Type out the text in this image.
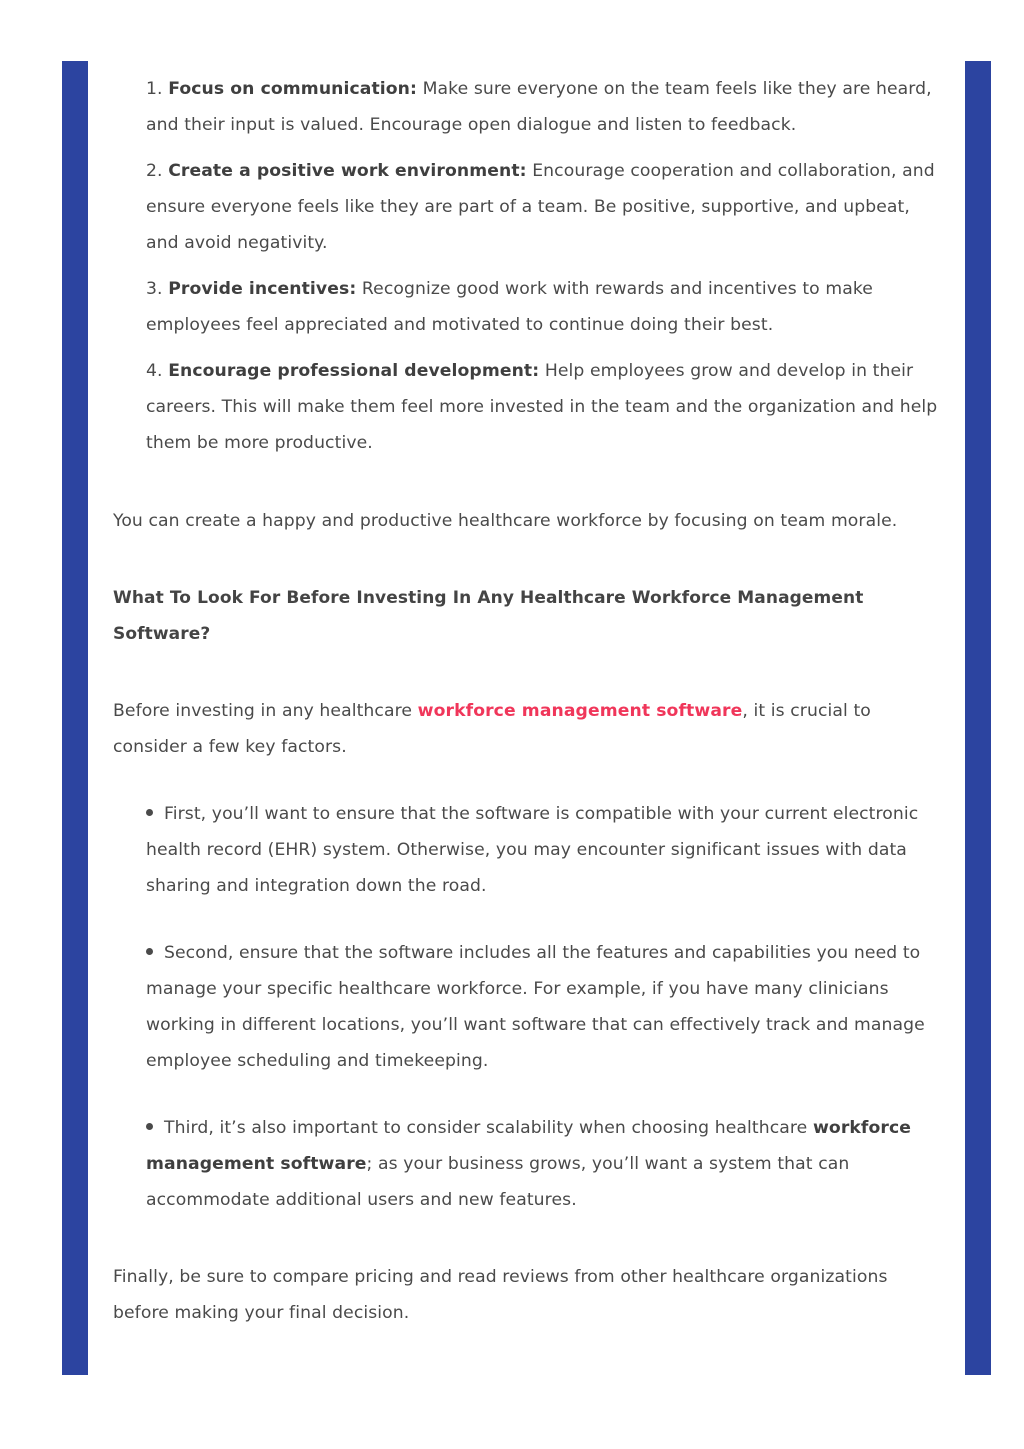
1. Focus on communication: Make sure everyone on the team feels like they are heard, and their input is valued. Encourage open dialogue and listen to feedback.
2. Create a positive work environment: Encourage cooperation and collaboration, and ensure everyone feels like they are part of a team. Be positive, supportive, and upbeat, and avoid negativity.
3. Provide incentives: Recognize good work with rewards and incentives to make employees feel appreciated and motivated to continue doing their best.
4. Encourage professional development: Help employees grow and develop in their careers. This will make them feel more invested in the team and the organization and help them be more productive.

You can create a happy and productive healthcare workforce by focusing on team morale.

What To Look For Before Investing In Any Healthcare Workforce Management Software?

Before investing in any healthcare workforce management software, it is crucial to consider a few key factors.

First, you’ll want to ensure that the software is compatible with your current electronic health record (EHR) system. Otherwise, you may encounter significant issues with data sharing and integration down the road.
Second, ensure that the software includes all the features and capabilities you need to manage your specific healthcare workforce. For example, if you have many clinicians working in different locations, you’ll want software that can effectively track and manage employee scheduling and timekeeping.
Third, it’s also important to consider scalability when choosing healthcare workforce management software; as your business grows, you’ll want a system that can accommodate additional users and new features.

Finally, be sure to compare pricing and read reviews from other healthcare organizations before making your final decision.
